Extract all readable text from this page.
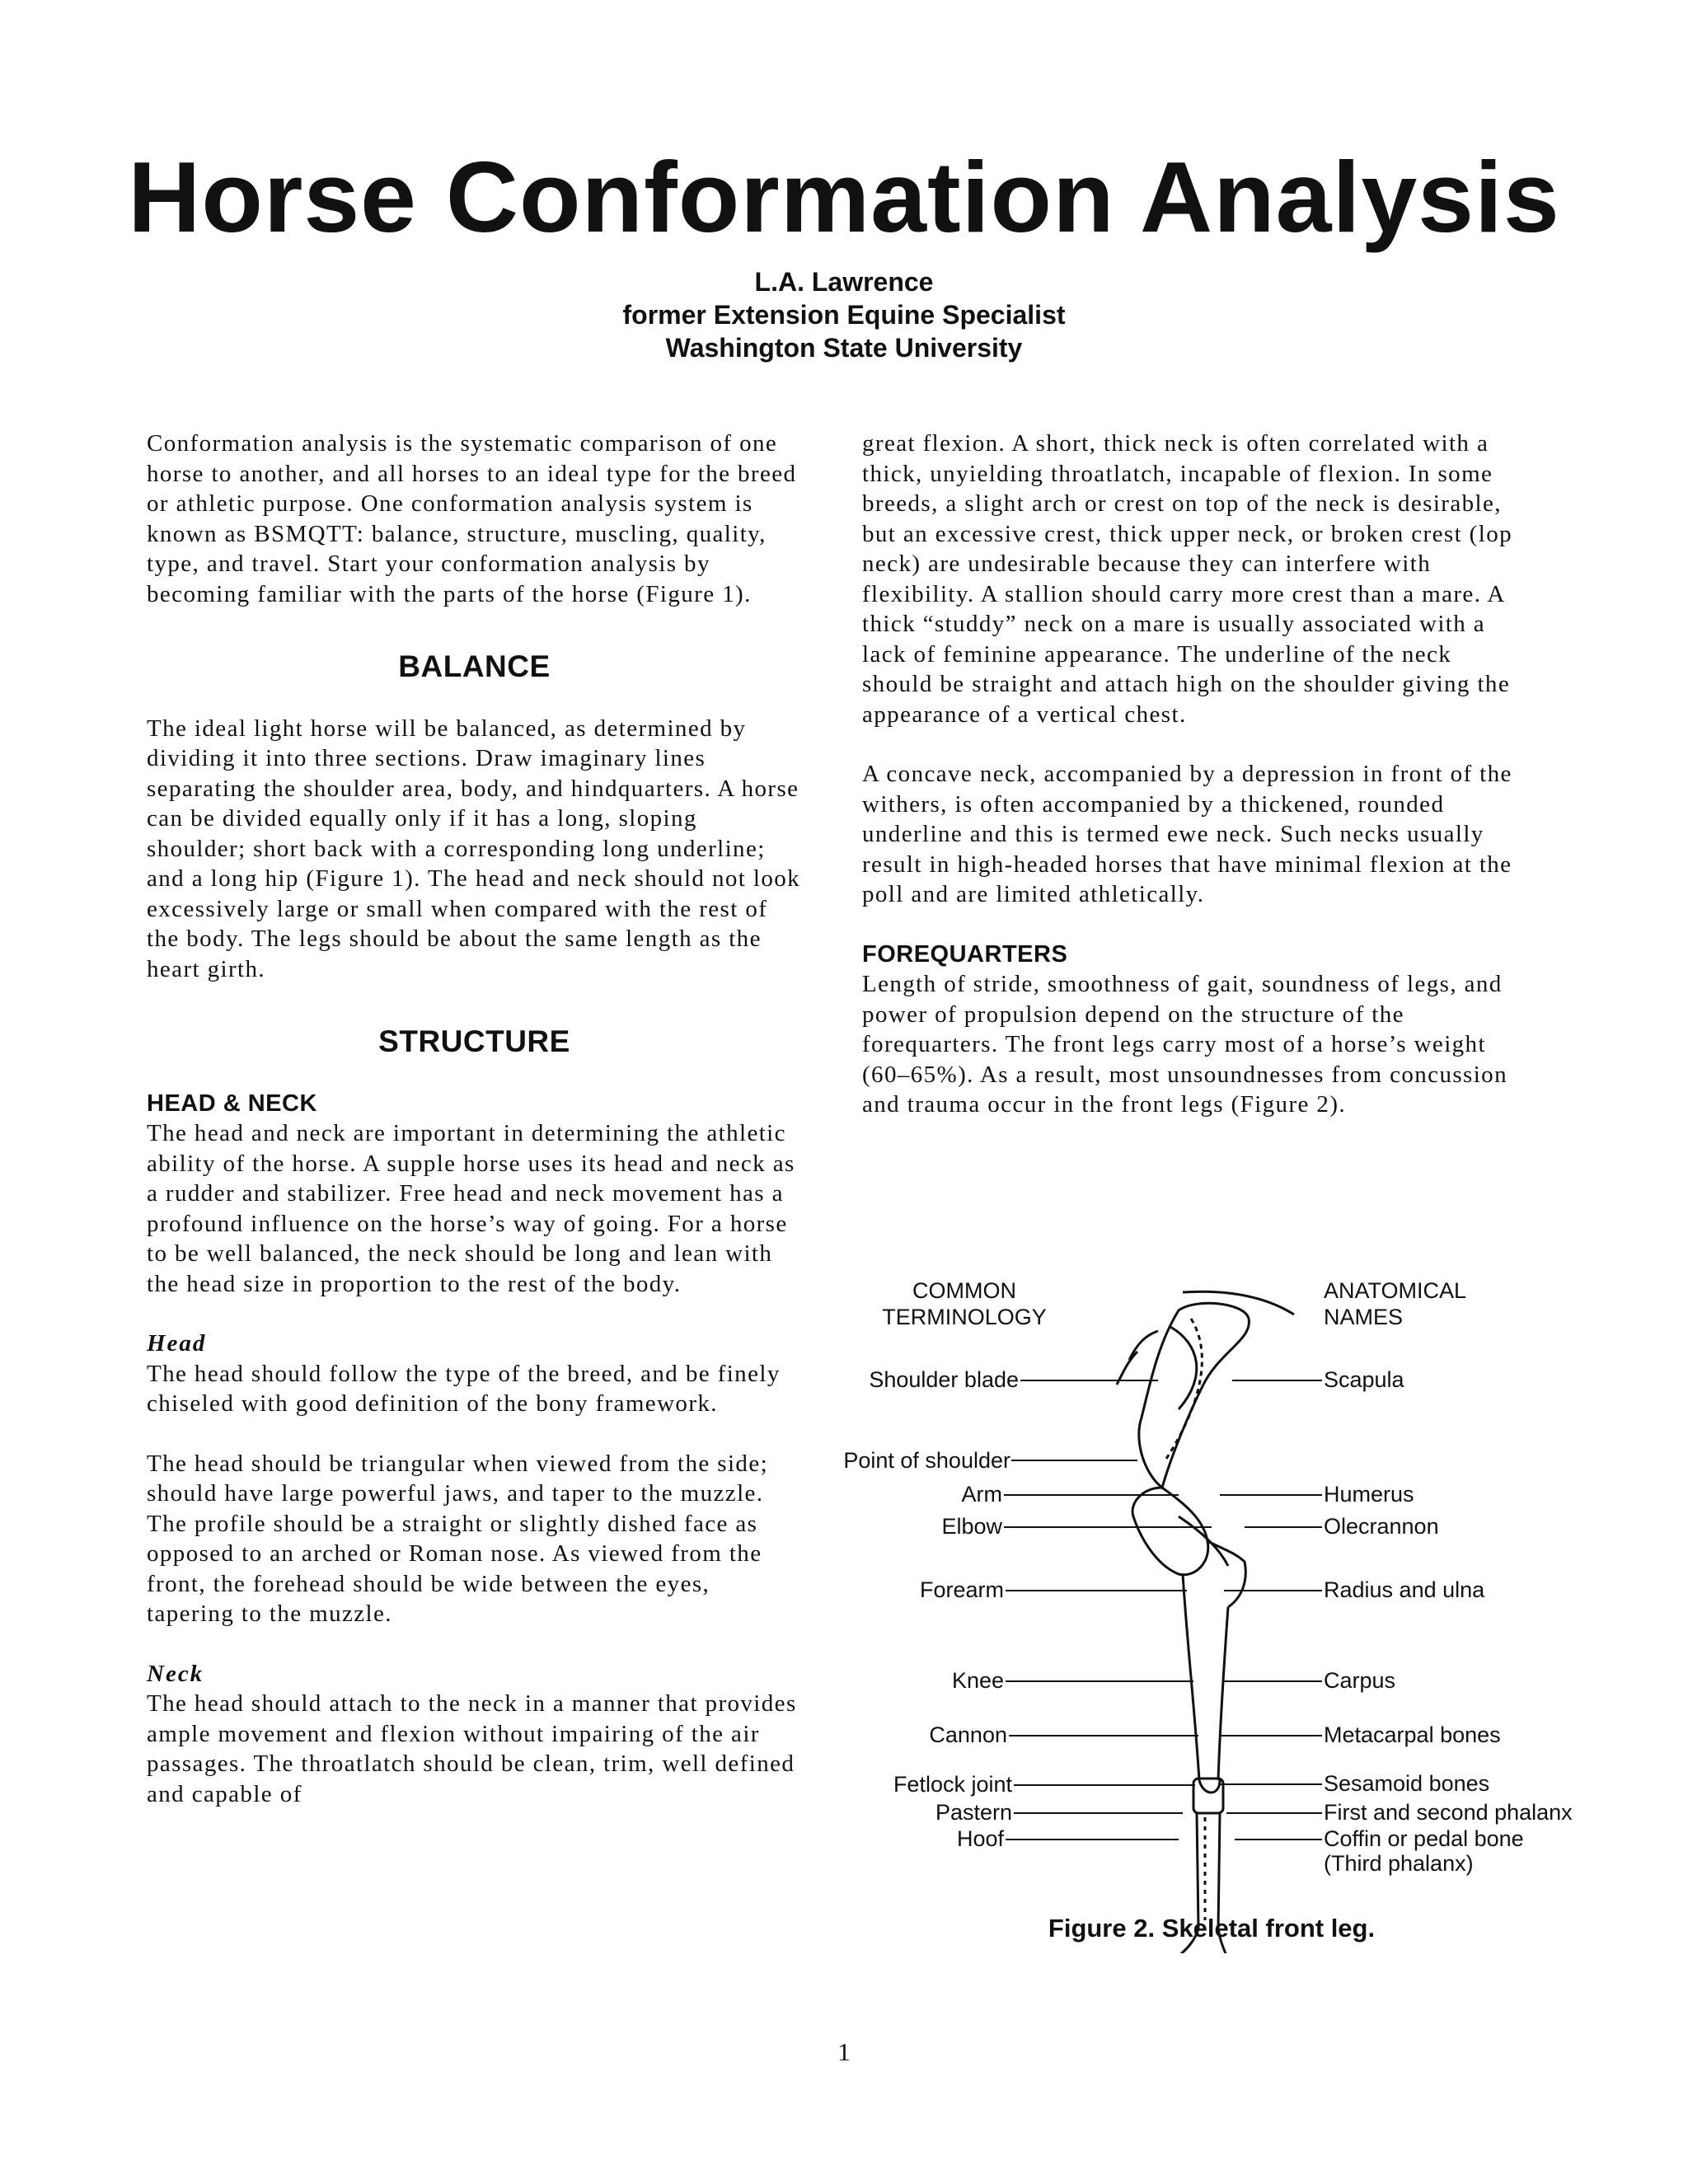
Horse Conformation Analysis
L.A. Lawrence
former Extension Equine Specialist
Washington State University

Conformation analysis is the systematic comparison of one horse to another, and all horses to an ideal type for the breed or athletic purpose. One conformation analysis system is known as BSMQTT: balance, structure, muscling, quality, type, and travel. Start your conformation analysis by becoming familiar with the parts of the horse (Figure 1).

BALANCE

The ideal light horse will be balanced, as determined by dividing it into three sections. Draw imaginary lines separating the shoulder area, body, and hindquarters. A horse can be divided equally only if it has a long, sloping shoulder; short back with a corresponding long underline; and a long hip (Figure 1). The head and neck should not look excessively large or small when compared with the rest of the body. The legs should be about the same length as the heart girth.

STRUCTURE
HEAD & NECK

The head and neck are important in determining the athletic ability of the horse. A supple horse uses its head and neck as a rudder and stabilizer. Free head and neck movement has a profound influence on the horse’s way of going. For a horse to be well balanced, the neck should be long and lean with the head size in proportion to the rest of the body.

Head

The head should follow the type of the breed, and be finely chiseled with good definition of the bony framework.

The head should be triangular when viewed from the side; should have large powerful jaws, and taper to the muzzle. The profile should be a straight or slightly dished face as opposed to an arched or Roman nose. As viewed from the front, the forehead should be wide between the eyes, tapering to the muzzle.

Neck

The head should attach to the neck in a manner that provides ample movement and flexion without impairing of the air passages. The throatlatch should be clean, trim, well defined and capable of

great flexion. A short, thick neck is often correlated with a thick, unyielding throatlatch, incapable of flexion. In some breeds, a slight arch or crest on top of the neck is desirable, but an excessive crest, thick upper neck, or broken crest (lop neck) are undesirable because they can interfere with flexibility. A stallion should carry more crest than a mare. A thick “studdy” neck on a mare is usually associated with a lack of feminine appearance. The underline of the neck should be straight and attach high on the shoulder giving the appearance of a vertical chest.

A concave neck, accompanied by a depression in front of the withers, is often accompanied by a thickened, rounded underline and this is termed ewe neck. Such necks usually result in high-headed horses that have minimal flexion at the poll and are limited athletically.

FOREQUARTERS

Length of stride, smoothness of gait, soundness of legs, and power of propulsion depend on the structure of the forequarters. The front legs carry most of a horse’s weight (60–65%). As a result, most unsoundnesses from concussion and trauma occur in the front legs (Figure 2).

COMMON
TERMINOLOGY
ANATOMICAL
NAMES
Shoulder blade
Point of shoulder
Arm
Elbow
Forearm
Knee
Cannon
Fetlock joint
Pastern
Hoof
Scapula
Humerus
Olecrannon
Radius and ulna
Carpus
Metacarpal bones
Sesamoid bones
First and second phalanx
Coffin or pedal bone
(Third phalanx)
Figure 2. Skeletal front leg.
1
